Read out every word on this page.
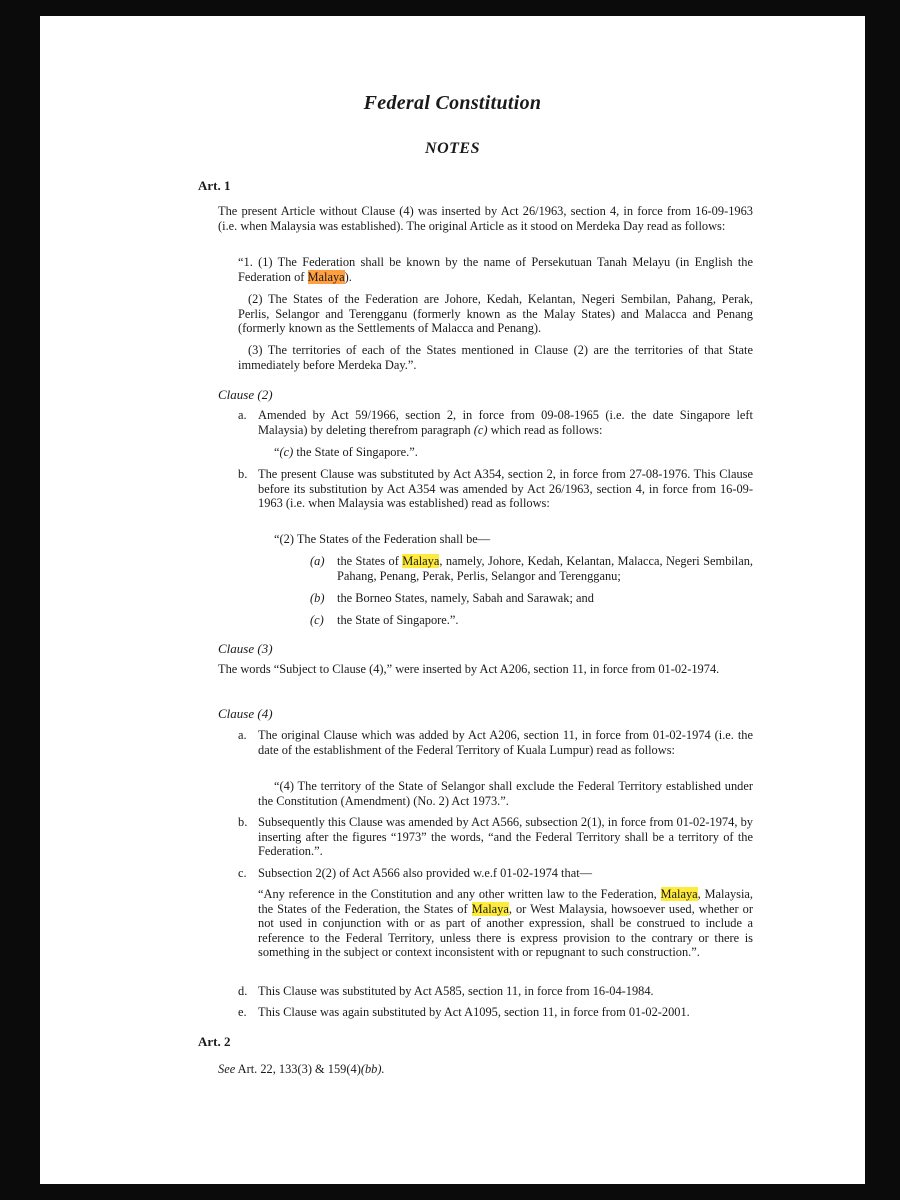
Federal Constitution
NOTES
Art. 1

The present Article without Clause (4) was inserted by Act 26/1963, section 4, in force from 16-09-1963 (i.e. when Malaysia was established). The original Article as it stood on Merdeka Day read as follows:

“1. (1) The Federation shall be known by the name of Persekutuan Tanah Melayu (in English the Federation of Malaya).

(2) The States of the Federation are Johore, Kedah, Kelantan, Negeri Sembilan, Pahang, Perak, Perlis, Selangor and Terengganu (formerly known as the Malay States) and Malacca and Penang (formerly known as the Settlements of Malacca and Penang).

(3) The territories of each of the States mentioned in Clause (2) are the territories of that State immediately before Merdeka Day.”.

Clause (2)
a. Amended by Act 59/1966, section 2, in force from 09-08-1965 (i.e. the date Singapore left Malaysia) by deleting therefrom paragraph (c) which read as follows:

“(c) the State of Singapore.”.

b. The present Clause was substituted by Act A354, section 2, in force from 27-08-1976. This Clause before its substitution by Act A354 was amended by Act 26/1963, section 4, in force from 16-09-1963 (i.e. when Malaysia was established) read as follows:

“(2) The States of the Federation shall be—

(a) the States of Malaya, namely, Johore, Kedah, Kelantan, Malacca, Negeri Sembilan, Pahang, Penang, Perak, Perlis, Selangor and Terengganu;

(b) the Borneo States, namely, Sabah and Sarawak; and

(c) the State of Singapore.”.

Clause (3)

The words “Subject to Clause (4),” were inserted by Act A206, section 11, in force from 01-02-1974.

Clause (4)
a. The original Clause which was added by Act A206, section 11, in force from 01-02-1974 (i.e. the date of the establishment of the Federal Territory of Kuala Lumpur) read as follows:

“(4) The territory of the State of Selangor shall exclude the Federal Territory established under the Constitution (Amendment) (No. 2) Act 1973.”.

b. Subsequently this Clause was amended by Act A566, subsection 2(1), in force from 01-02-1974, by inserting after the figures “1973” the words, “and the Federal Territory shall be a territory of the Federation.”.

c. Subsection 2(2) of Act A566 also provided w.e.f 01-02-1974 that—

“Any reference in the Constitution and any other written law to the Federation, Malaya, Malaysia, the States of the Federation, the States of Malaya, or West Malaysia, howsoever used, whether or not used in conjunction with or as part of another expression, shall be construed to include a reference to the Federal Territory, unless there is express provision to the contrary or there is something in the subject or context inconsistent with or repugnant to such construction.”.

d. This Clause was substituted by Act A585, section 11, in force from 16-04-1984.

e. This Clause was again substituted by Act A1095, section 11, in force from 01-02-2001.

Art. 2

See Art. 22, 133(3) & 159(4)(bb).
